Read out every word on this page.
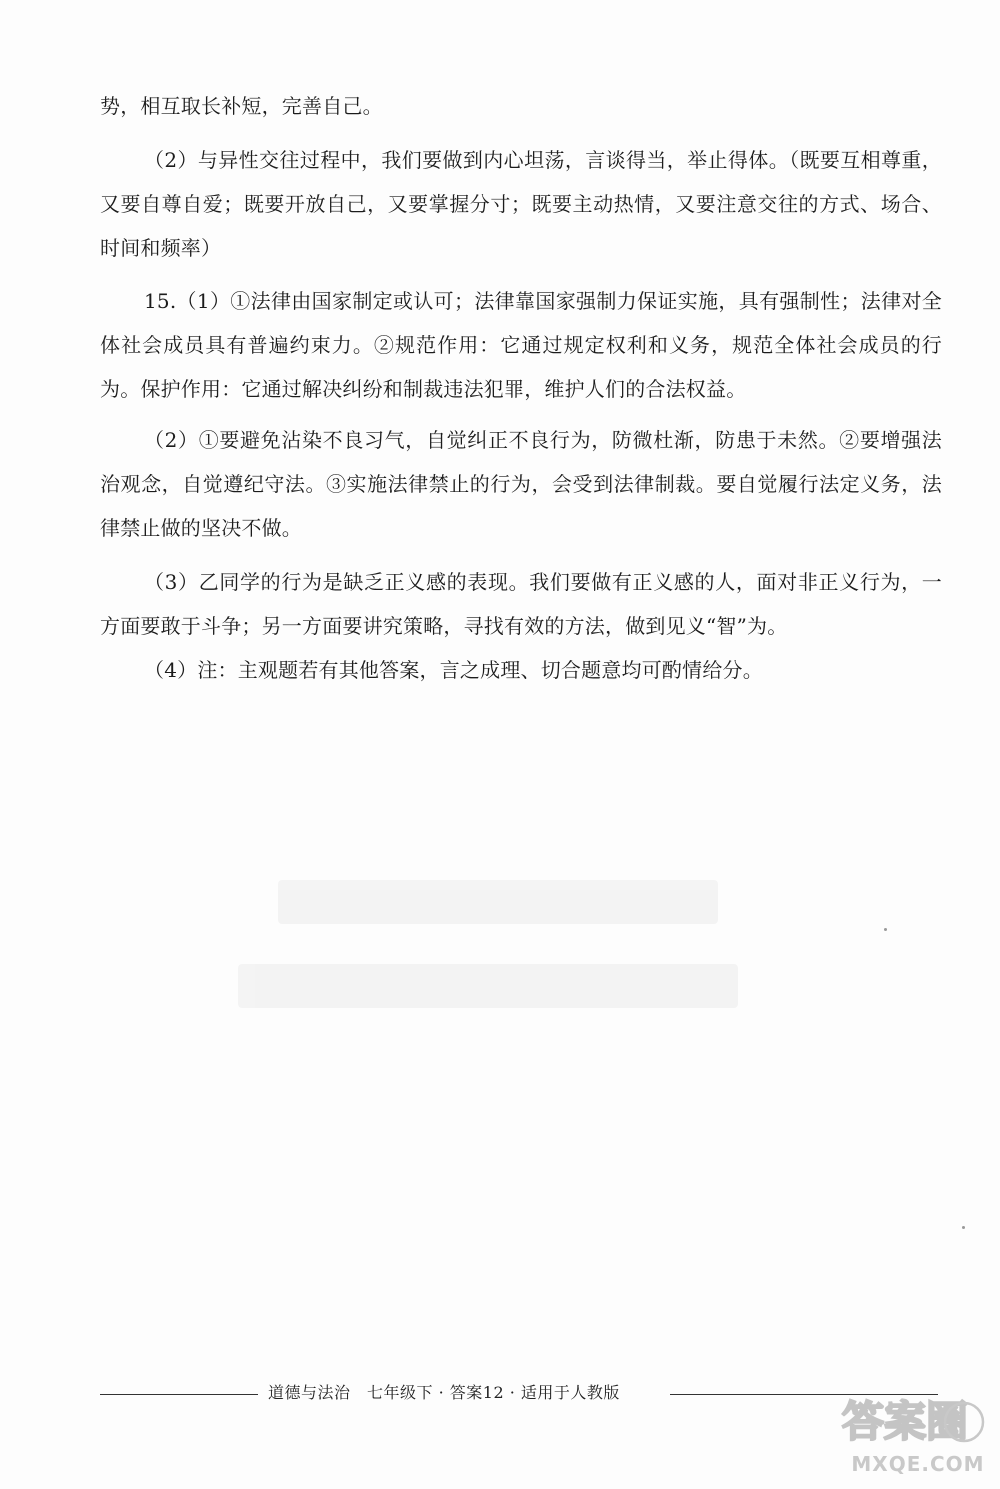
势，相互取长补短，完善自己。

（2）与异性交往过程中，我们要做到内心坦荡，言谈得当，举止得体。（既要互相尊重，又要自尊自爱；既要开放自己，又要掌握分寸；既要主动热情，又要注意交往的方式、场合、时间和频率）

15.（1）①法律由国家制定或认可；法律靠国家强制力保证实施，具有强制性；法律对全体社会成员具有普遍约束力。②规范作用：它通过规定权利和义务，规范全体社会成员的行为。保护作用：它通过解决纠纷和制裁违法犯罪，维护人们的合法权益。

（2）①要避免沾染不良习气，自觉纠正不良行为，防微杜渐，防患于未然。②要增强法治观念，自觉遵纪守法。③实施法律禁止的行为，会受到法律制裁。要自觉履行法定义务，法律禁止做的坚决不做。

（3）乙同学的行为是缺乏正义感的表现。我们要做有正义感的人，面对非正义行为，一方面要敢于斗争；另一方面要讲究策略，寻找有效的方法，做到见义“智”为。

（4）注：主观题若有其他答案，言之成理、切合题意均可酌情给分。

道德与法治　七年级下 · 答案12 · 适用于人教版
答案圈
MXQE.COM
